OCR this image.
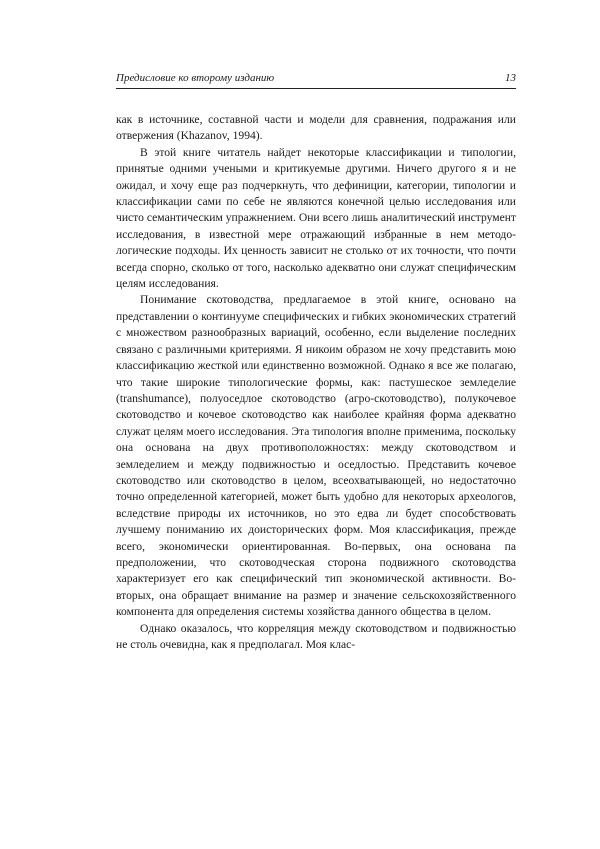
Предисловие ко второму изданию	13

как в источнике, составной части и модели для сравнения, подражания или отвержения (Khazanov, 1994).

В этой книге читатель найдет некоторые классификации и типологии, принятые одними учеными и критикуемые другими. Ничего другого я и не ожидал, и хочу еще раз подчеркнуть, что дефиниции, категории, типологии и классификации сами по себе не являются конечной целью исследования или чисто семантическим упражнением. Они всего лишь аналитический инструмент исследования, в известной мере отражающий избранные в нем методологические подходы. Их ценность зависит не столько от их точности, что почти всегда спорно, сколько от того, насколько адекватно они служат специфическим целям исследования.

Понимание скотоводства, предлагаемое в этой книге, основано на представлении о континууме специфических и гибких экономических стратегий с множеством разнообразных вариаций, особенно, если выделение последних связано с различными критериями. Я никоим образом не хочу представить мою классификацию жесткой или единственно возможной. Однако я все же полагаю, что такие широкие типологические формы, как: пастушеское земледелие (transhumance), полуоседлое скотоводство (агро-скотоводство), полукочевое скотоводство и кочевое скотоводство как наиболее крайняя форма адекватно служат целям моего исследования. Эта типология вполне применима, поскольку она основана на двух противоположностях: между скотоводством и земледелием и между подвижностью и оседлостью. Представить кочевое скотоводство или скотоводство в целом, всеохватывающей, но недостаточно точно определенной категорией, может быть удобно для некоторых археологов, вследствие природы их источников, но это едва ли будет способствовать лучшему пониманию их доисторических форм. Моя классификация, прежде всего, экономически ориентированная. Во-первых, она основана па предположении, что скотоводческая сторона подвижного скотоводства характеризует его как специфический тип экономической активности. Во-вторых, она обращает внимание на размер и значение сельскохозяйственного компонента для определения системы хозяйства данного общества в целом.

Однако оказалось, что корреляция между скотоводством и подвижностью не столь очевидна, как я предполагал. Моя клас-
